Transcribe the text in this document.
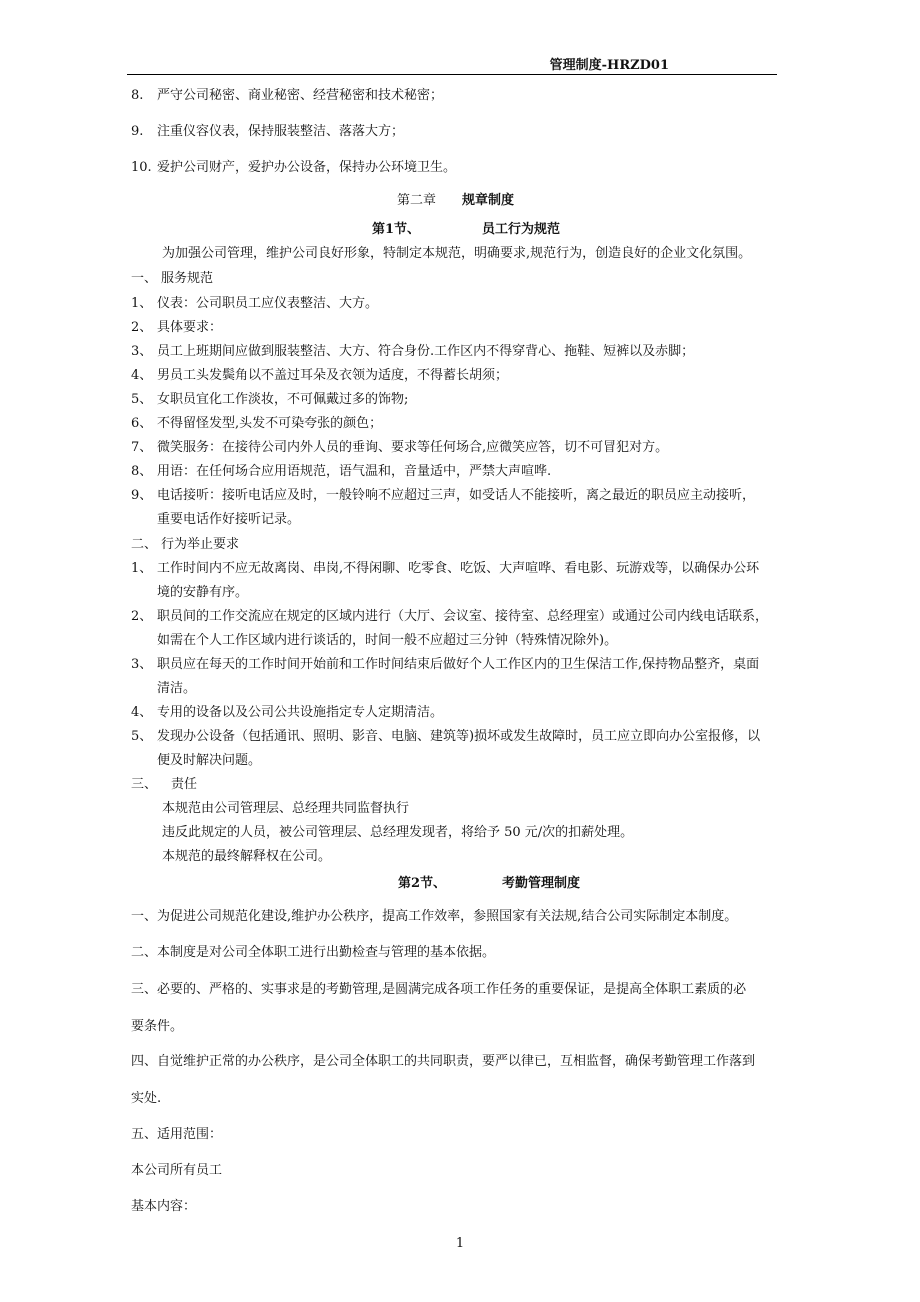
管理制度-HRZD01
8. 严守公司秘密、商业秘密、经营秘密和技术秘密；
9. 注重仪容仪表，保持服装整洁、落落大方；
10. 爱护公司财产，爱护办公设备，保持办公环境卫生。
第二章 规章制度
第1节、	员工行为规范
为加强公司管理，维护公司良好形象，特制定本规范，明确要求,规范行为，创造良好的企业文化氛围。
一、 服务规范
1、 仪表：公司职员工应仪表整洁、大方。
2、 具体要求：
3、 员工上班期间应做到服装整洁、大方、符合身份.工作区内不得穿背心、拖鞋、短裤以及赤脚；
4、 男员工头发鬓角以不盖过耳朵及衣领为适度，不得蓄长胡须；
5、 女职员宜化工作淡妆，不可佩戴过多的饰物;
6、 不得留怪发型,头发不可染夸张的颜色；
7、 微笑服务：在接待公司内外人员的垂询、要求等任何场合,应微笑应答，切不可冒犯对方。
8、 用语：在任何场合应用语规范，语气温和，音量适中，严禁大声喧哗.
9、 电话接听：接听电话应及时，一般铃响不应超过三声，如受话人不能接听，离之最近的职员应主动接听，
重要电话作好接听记录。
二、 行为举止要求
1、 工作时间内不应无故离岗、串岗,不得闲聊、吃零食、吃饭、大声喧哗、看电影、玩游戏等，以确保办公环
境的安静有序。
2、 职员间的工作交流应在规定的区域内进行（大厅、会议室、接待室、总经理室）或通过公司内线电话联系，
如需在个人工作区域内进行谈话的，时间一般不应超过三分钟（特殊情况除外)。
3、 职员应在每天的工作时间开始前和工作时间结束后做好个人工作区内的卫生保洁工作,保持物品整齐，桌面
清洁。
4、 专用的设备以及公司公共设施指定专人定期清洁。
5、 发现办公设备（包括通讯、照明、影音、电脑、建筑等)损坏或发生故障时，员工应立即向办公室报修，以
便及时解决问题。
三、 责任
本规范由公司管理层、总经理共同监督执行
违反此规定的人员，被公司管理层、总经理发现者，将给予 50 元/次的扣薪处理。
本规范的最终解释权在公司。
第2节、	考勤管理制度
一、为促进公司规范化建设,维护办公秩序，提高工作效率，参照国家有关法规,结合公司实际制定本制度。
二、本制度是对公司全体职工进行出勤检查与管理的基本依据。
三、必要的、严格的、实事求是的考勤管理,是圆满完成各项工作任务的重要保证，是提高全体职工素质的必
要条件。
四、自觉维护正常的办公秩序，是公司全体职工的共同职责，要严以律已，互相监督，确保考勤管理工作落到
实处.
五、适用范围：
本公司所有员工
基本内容：
1
